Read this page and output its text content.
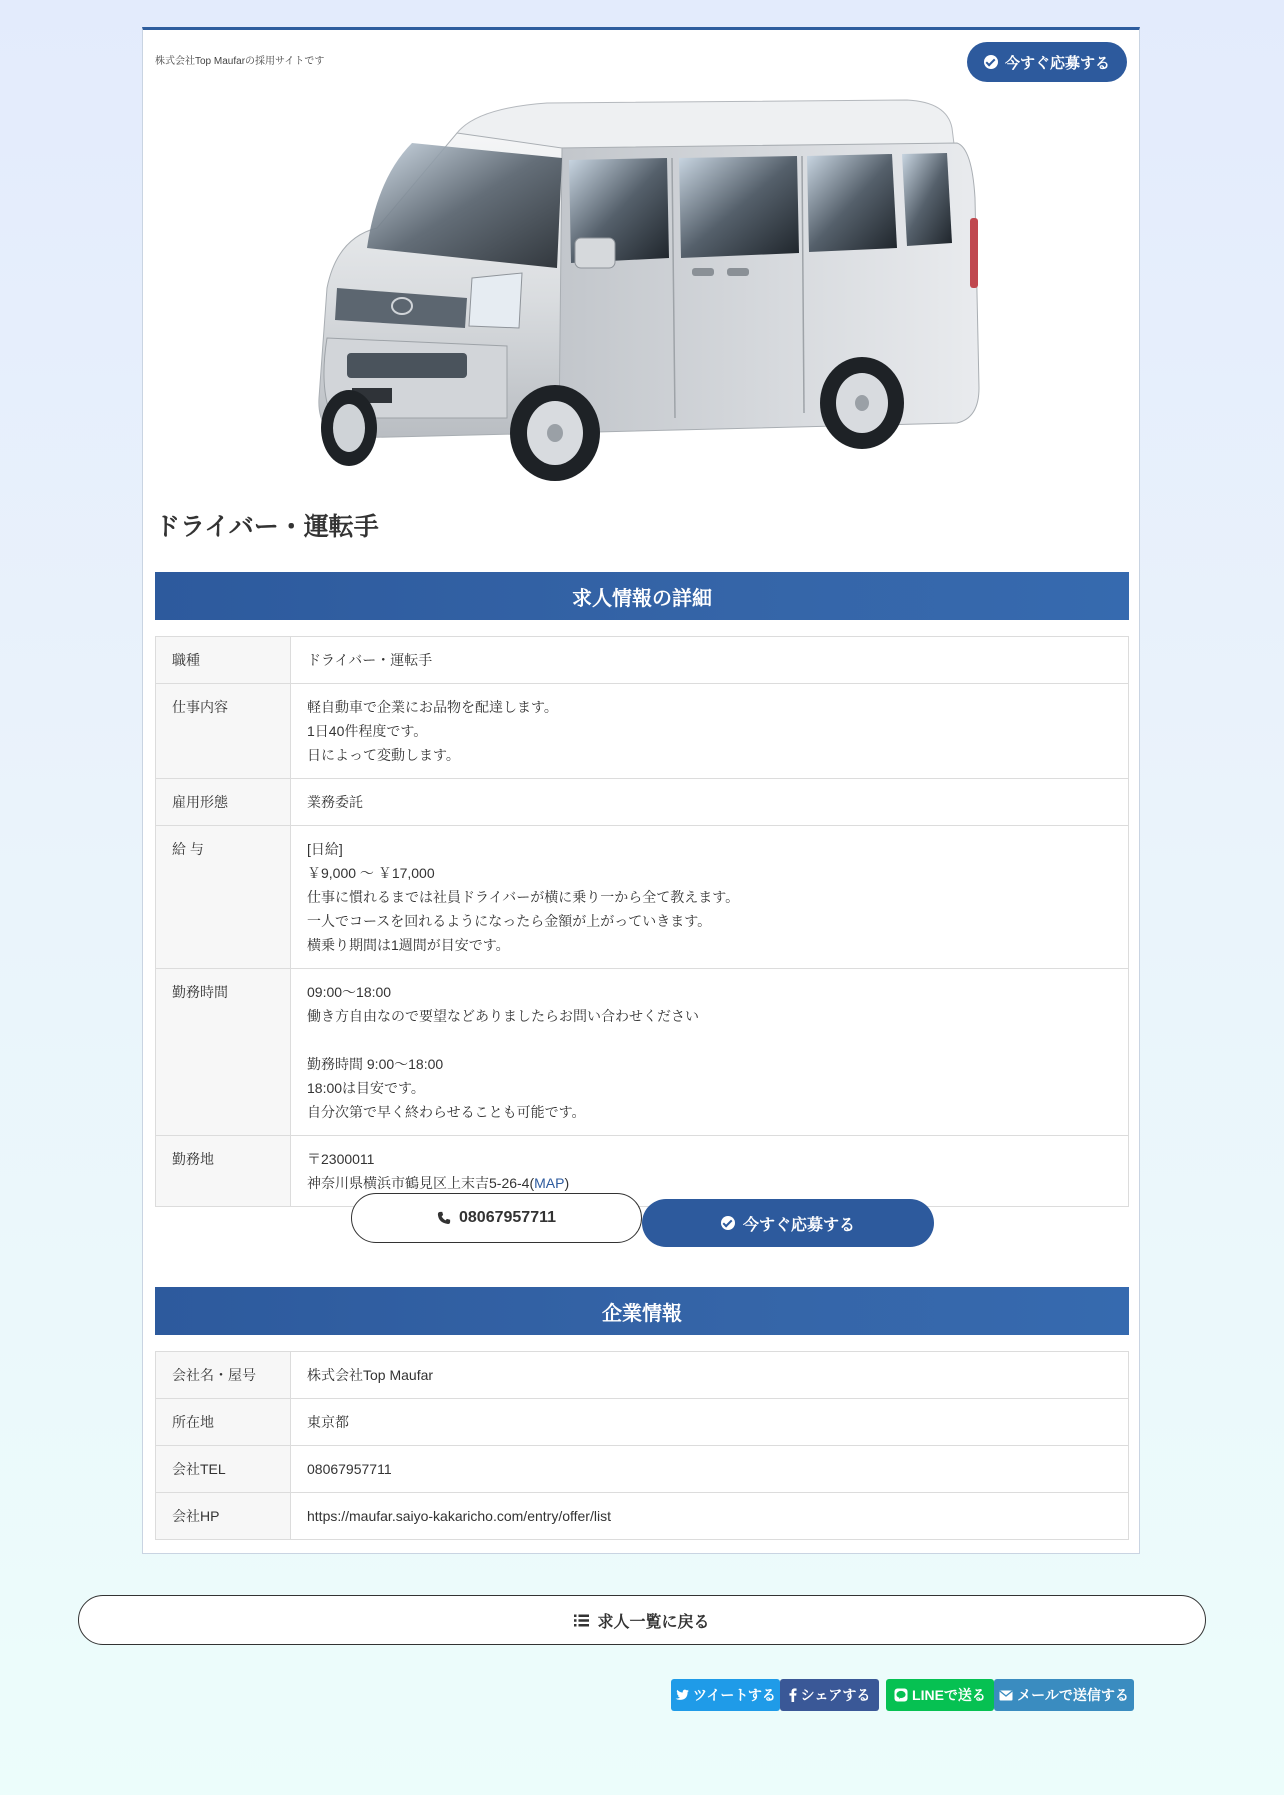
株式会社Top Maufarの採用サイトです	今すぐ応募する
ドライバー・運転手
求人情報の詳細
職種	ドライバー・運転手
仕事内容	軽自動車で企業にお品物を配達します。
1日40件程度です。
日によって変動します。
雇用形態	業務委託
給 与	[日給]
￥9,000 ～ ￥17,000
仕事に慣れるまでは社員ドライバーが横に乗り一から全て教えます。
一人でコースを回れるようになったら金額が上がっていきます。
横乗り期間は1週間が目安です。
勤務時間	09:00～18:00
働き方自由なので要望などありましたらお問い合わせください

勤務時間 9:00〜18:00
18:00は目安です。
自分次第で早く終わらせることも可能です。
勤務地	〒2300011
神奈川県横浜市鶴見区上末吉5-26-4(MAP)
08067957711	今すぐ応募する
企業情報
会社名・屋号	株式会社Top Maufar
所在地	東京都
会社TEL	08067957711
会社HP	https://maufar.saiyo-kakaricho.com/entry/offer/list
求人一覧に戻る
ツイートする シェアする	LINEで送る メールで送信する
